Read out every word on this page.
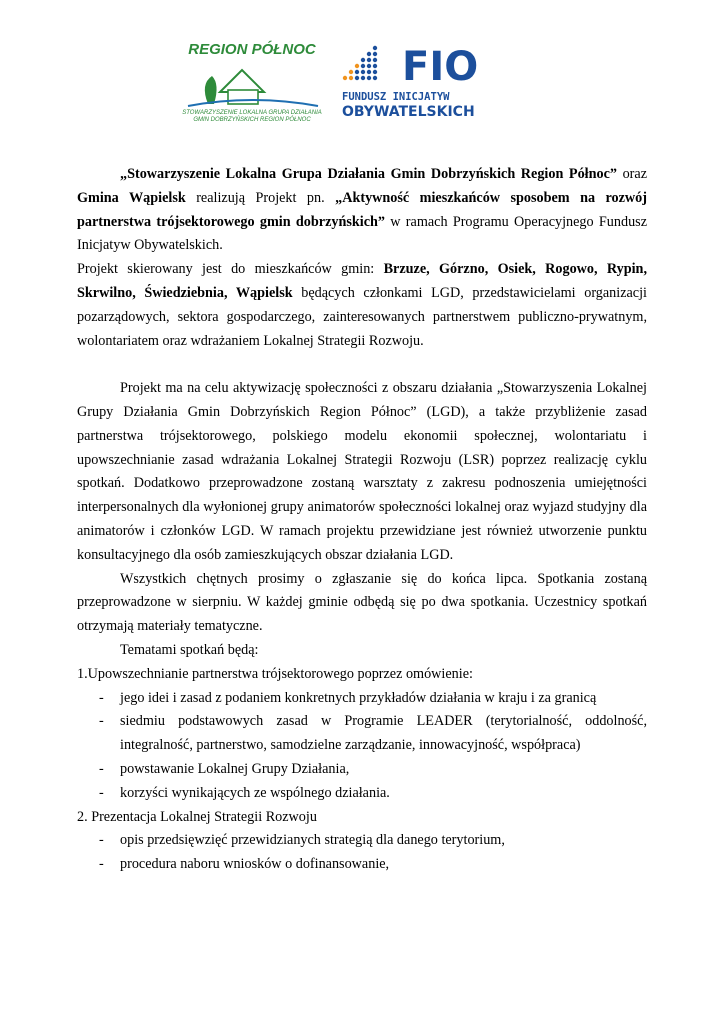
REGION PÓŁNOC
STOWARZYSZENIE LOKALNA GRUPA DZIAŁANIA
GMIN DOBRZYŃSKICH REGION PÓŁNOC
FIO
FUNDUSZ INICJATYW
OBYWATELSKICH

„Stowarzyszenie Lokalna Grupa Działania Gmin Dobrzyńskich Region Północ” oraz Gmina Wąpielsk realizują Projekt pn. „Aktywność mieszkańców sposobem na rozwój partnerstwa trójsektorowego gmin dobrzyńskich” w ramach Programu Operacyjnego Fundusz Inicjatyw Obywatelskich.

Projekt skierowany jest do mieszkańców gmin: Brzuze, Górzno, Osiek, Rogowo, Rypin, Skrwilno, Świedziebnia, Wąpielsk będących członkami LGD, przedstawicielami organizacji pozarządowych, sektora gospodarczego, zainteresowanych partnerstwem publiczno-prywatnym, wolontariatem oraz wdrażaniem Lokalnej Strategii Rozwoju.

Projekt ma na celu aktywizację społeczności z obszaru działania „Stowarzyszenia Lokalnej Grupy Działania Gmin Dobrzyńskich Region Północ” (LGD), a także przybliżenie zasad partnerstwa trójsektorowego, polskiego modelu ekonomii społecznej, wolontariatu i upowszechnianie zasad wdrażania Lokalnej Strategii Rozwoju (LSR) poprzez realizację cyklu spotkań. Dodatkowo przeprowadzone zostaną warsztaty z zakresu podnoszenia umiejętności interpersonalnych dla wyłonionej grupy animatorów społeczności lokalnej oraz wyjazd studyjny dla animatorów i członków LGD. W ramach projektu przewidziane jest również utworzenie punktu konsultacyjnego dla osób zamieszkujących obszar działania LGD.

Wszystkich chętnych prosimy o zgłaszanie się do końca lipca. Spotkania zostaną przeprowadzone w sierpniu. W każdej gminie odbędą się po dwa spotkania. Uczestnicy spotkań otrzymają materiały tematyczne.

Tematami spotkań będą:

1.Upowszechnianie partnerstwa trójsektorowego poprzez omówienie:

- jego idei i zasad z podaniem konkretnych przykładów działania w kraju i za granicą

- siedmiu podstawowych zasad w Programie LEADER (terytorialność, oddolność, integralność, partnerstwo, samodzielne zarządzanie, innowacyjność, współpraca)

- powstawanie Lokalnej Grupy Działania,

- korzyści wynikających ze wspólnego działania.

2. Prezentacja Lokalnej Strategii Rozwoju

- opis przedsięwzięć przewidzianych strategią dla danego terytorium,

- procedura naboru wniosków o dofinansowanie,
